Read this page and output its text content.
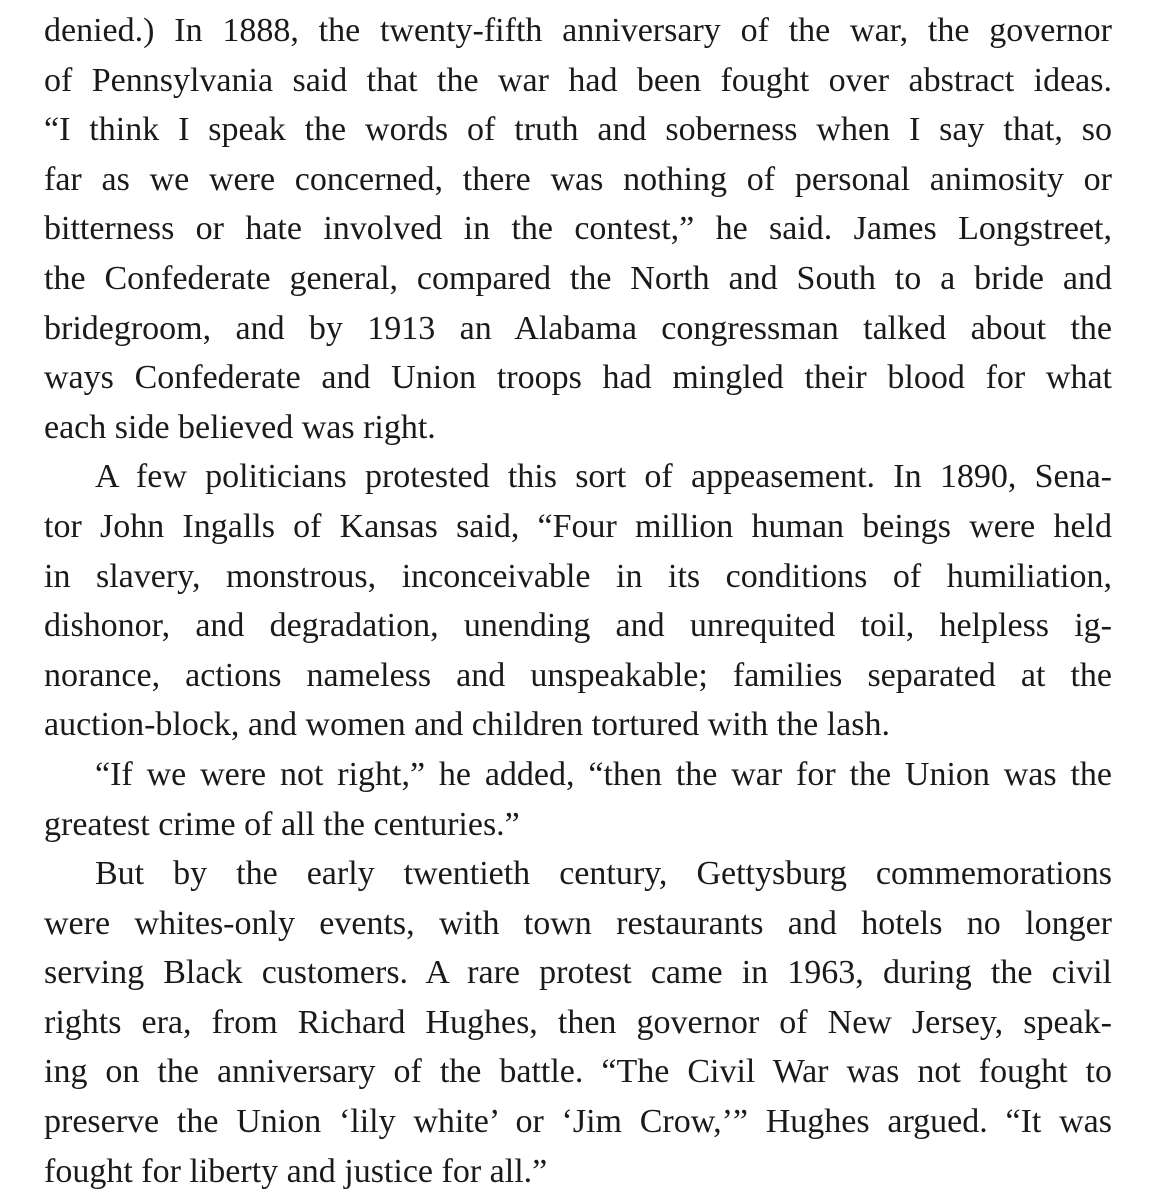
denied.) In 1888, the twenty-fifth anniversary of the war, the governor
of Pennsylvania said that the war had been fought over abstract ideas.
“I think I speak the words of truth and soberness when I say that, so
far as we were concerned, there was nothing of personal animosity or
bitterness or hate involved in the contest,” he said. James Longstreet,
the Confederate general, compared the North and South to a bride and
bridegroom, and by 1913 an Alabama congressman talked about the
ways Confederate and Union troops had mingled their blood for what
each side believed was right.
A few politicians protested this sort of appeasement. In 1890, Sena-
tor John Ingalls of Kansas said, “Four million human beings were held
in slavery, monstrous, inconceivable in its conditions of humiliation,
dishonor, and degradation, unending and unrequited toil, helpless ig-
norance, actions nameless and unspeakable; families separated at the
auction-block, and women and children tortured with the lash.
“If we were not right,” he added, “then the war for the Union was the
greatest crime of all the centuries.”
But by the early twentieth century, Gettysburg commemorations
were whites-only events, with town restaurants and hotels no longer
serving Black customers. A rare protest came in 1963, during the civil
rights era, from Richard Hughes, then governor of New Jersey, speak-
ing on the anniversary of the battle. “The Civil War was not fought to
preserve the Union ‘lily white’ or ‘Jim Crow,’” Hughes argued. “It was
fought for liberty and justice for all.”
